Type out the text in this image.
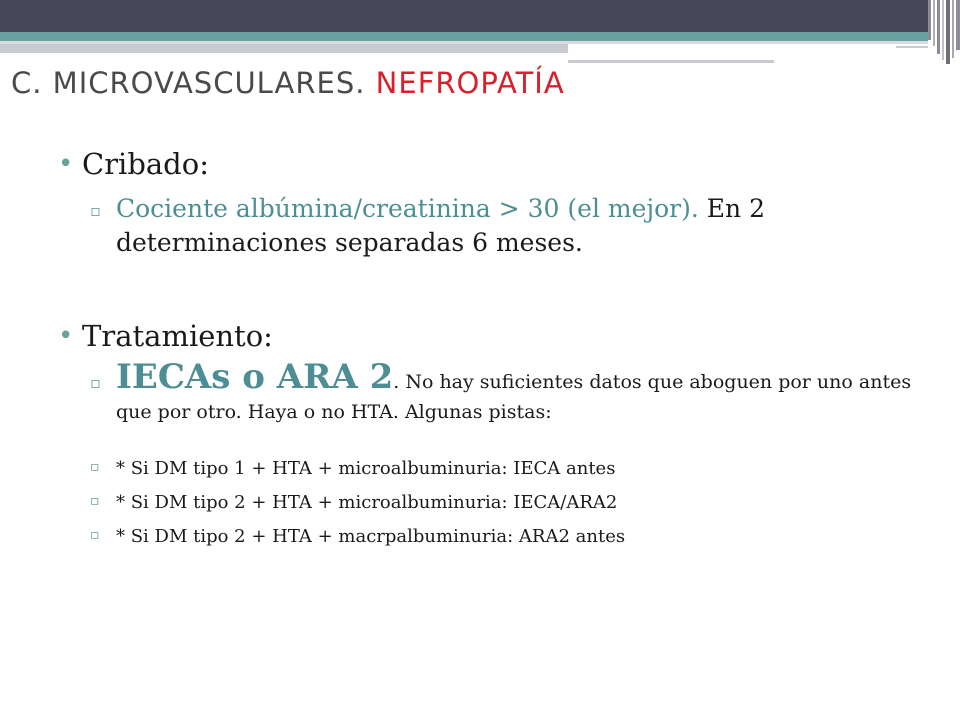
C. MICROVASCULARES. NEFROPATÍA
• Cribado:
▫ Cociente albúmina/creatinina > 30 (el mejor). En 2 determinaciones separadas 6 meses.
• Tratamiento:
▫ IECAs o ARA 2. No hay suficientes datos que aboguen por uno antes que por otro. Haya o no HTA. Algunas pistas:
▫ * Si DM tipo 1 + HTA + microalbuminuria: IECA antes
▫ * Si DM tipo 2 + HTA + microalbuminuria: IECA/ARA2
▫ * Si DM tipo 2 + HTA + macrpalbuminuria: ARA2 antes
